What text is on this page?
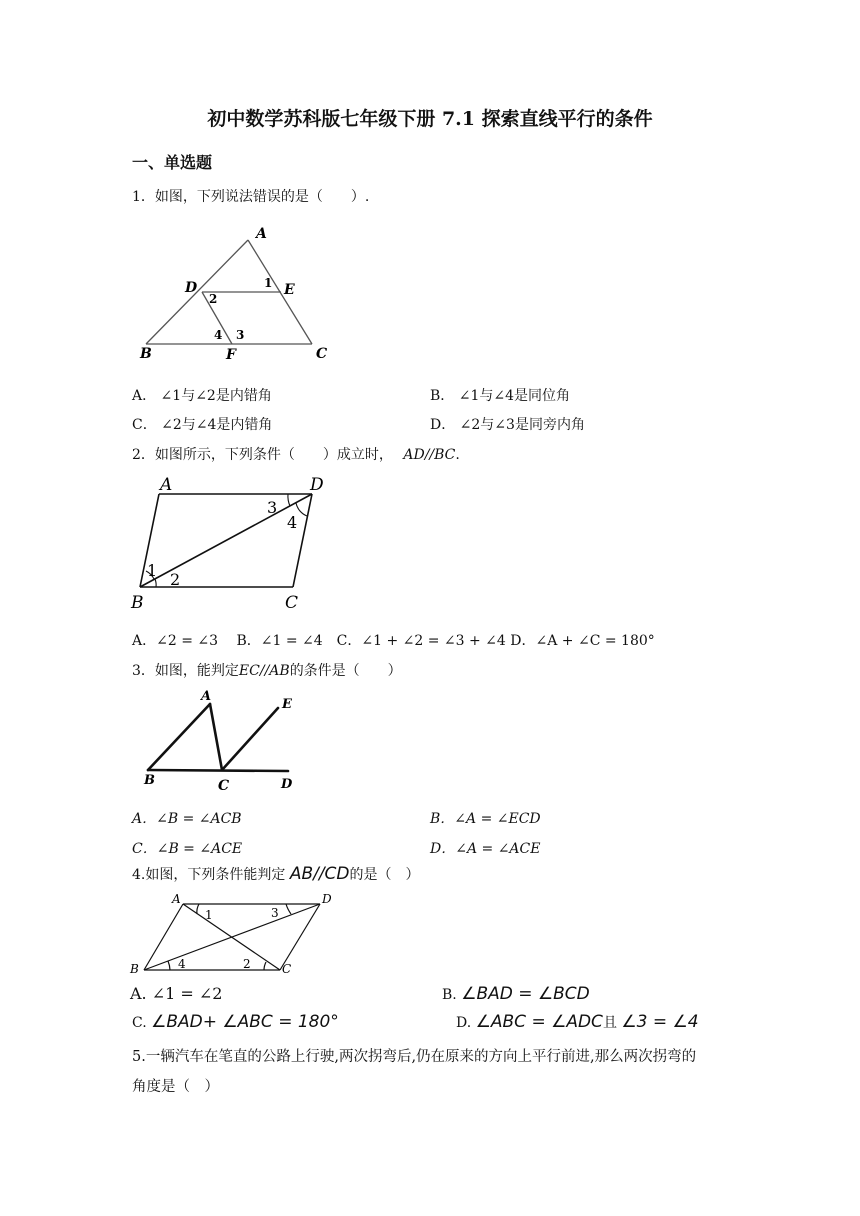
初中数学苏科版七年级下册 7.1 探索直线平行的条件
一、单选题
1．如图，下列说法错误的是（　　）.
A
D	E
B	F	C
1
2
4 3
A． ∠1与∠2是内错角	B． ∠1与∠4是同位角
C． ∠2与∠4是内错角	D． ∠2与∠3是同旁内角
2．如图所示，下列条件（　　）成立时， AD//BC.
A	D
B	C
3
4
1 2
A．∠2 = ∠3　 B．∠1 = ∠4　C．∠1 + ∠2 = ∠3 + ∠4 D．∠A + ∠C = 180°
3．如图，能判定EC//AB的条件是（　　）
A
E
B	C	D
A．∠B = ∠ACB	B．∠A = ∠ECD
C．∠B = ∠ACE	D．∠A = ∠ACE
4.如图，下列条件能判定 AB//CD的是（　）
A	D
B	C
1	3
4	2
A. ∠1 = ∠2	B. ∠BAD = ∠BCD
C. ∠BAD+ ∠ABC = 180°	D. ∠ABC = ∠ADC且 ∠3 = ∠4
5.一辆汽车在笔直的公路上行驶,两次拐弯后,仍在原来的方向上平行前进,那么两次拐弯的
角度是（　）
